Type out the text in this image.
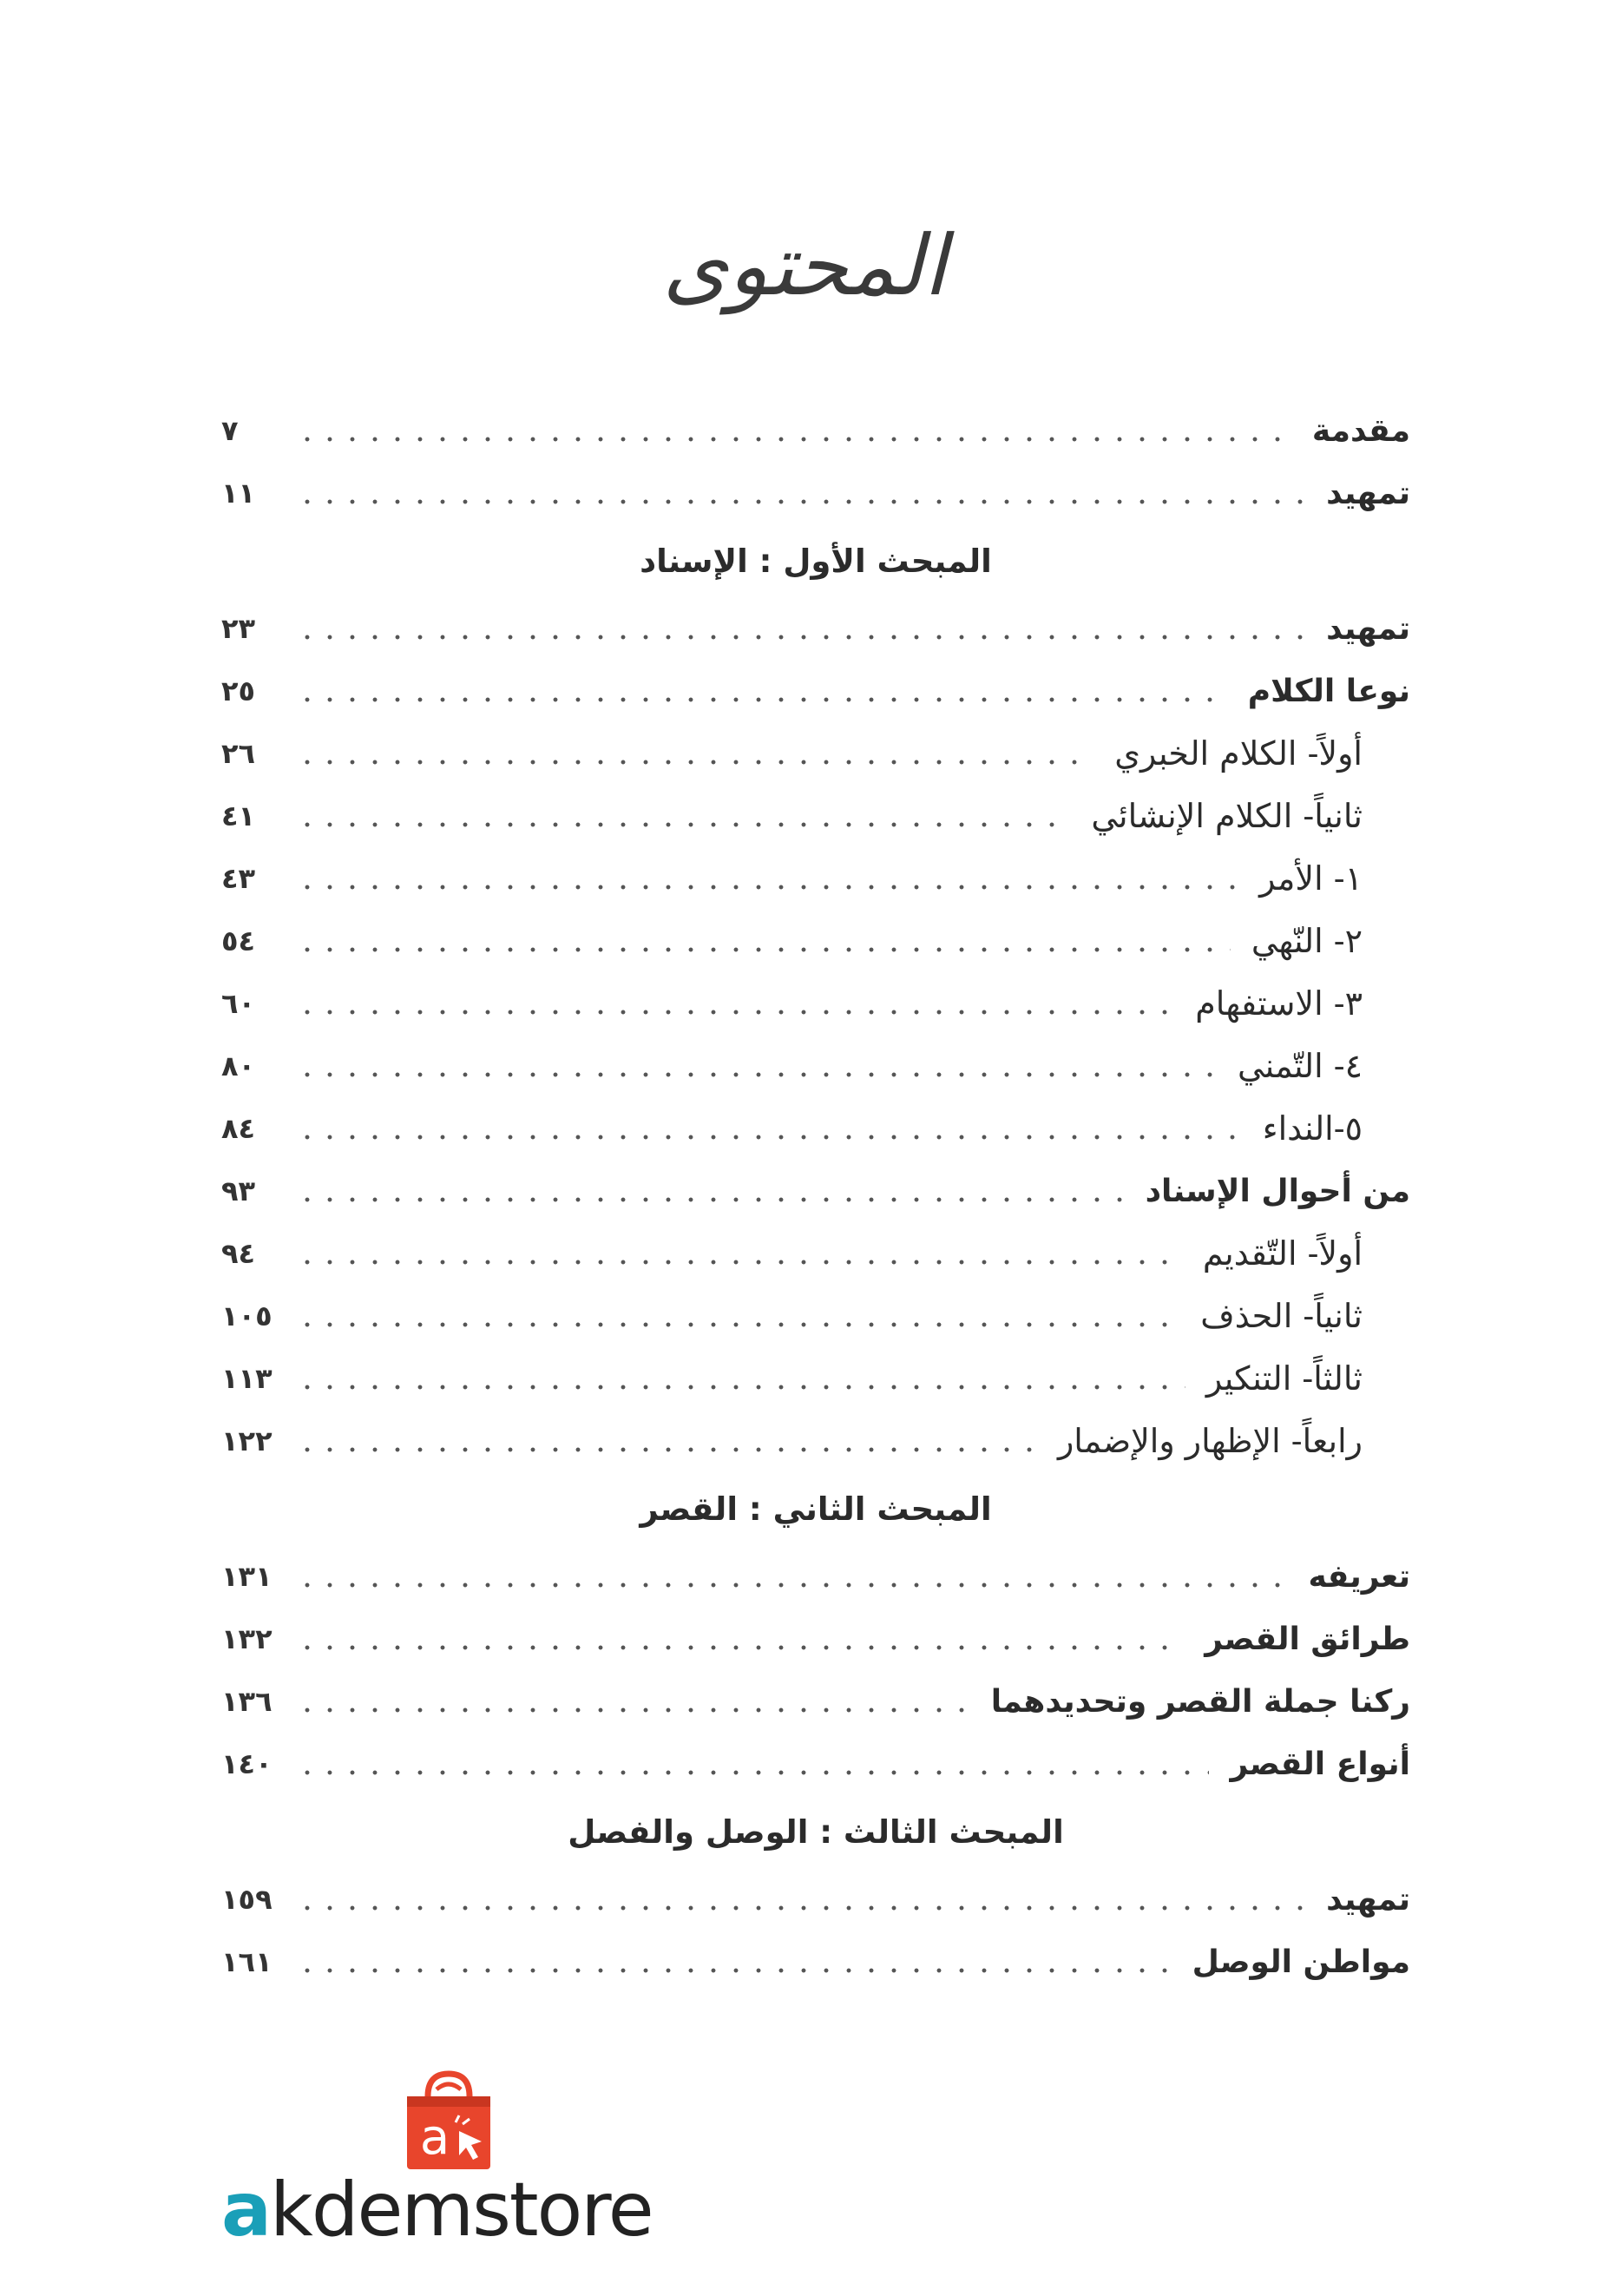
المحتوى
مقدمة
٧
تمهيد
١١
المبحث الأول : الإسناد
تمهيد
٢٣
نوعا الكلام
٢٥
أولاً- الكلام الخبري
٢٦
ثانياً- الكلام الإنشائي
٤١
١- الأمر
٤٣
٢- النّهي
٥٤
٣- الاستفهام
٦٠
٤- التّمني
٨٠
٥-النداء
٨٤
من أحوال الإسناد
٩٣
أولاً- التّقديم
٩٤
ثانياً- الحذف
١٠٥
ثالثاً- التنكير
١١٣
رابعاً- الإظهار والإضمار
١٢٢
المبحث الثاني : القصر
تعريفه
١٣١
طرائق القصر
١٣٢
ركنا جملة القصر وتحديدهما
١٣٦
أنواع القصر
١٤٠
المبحث الثالث : الوصل والفصل
تمهيد
١٥٩
مواطن الوصل
١٦١
a
akdemstore
